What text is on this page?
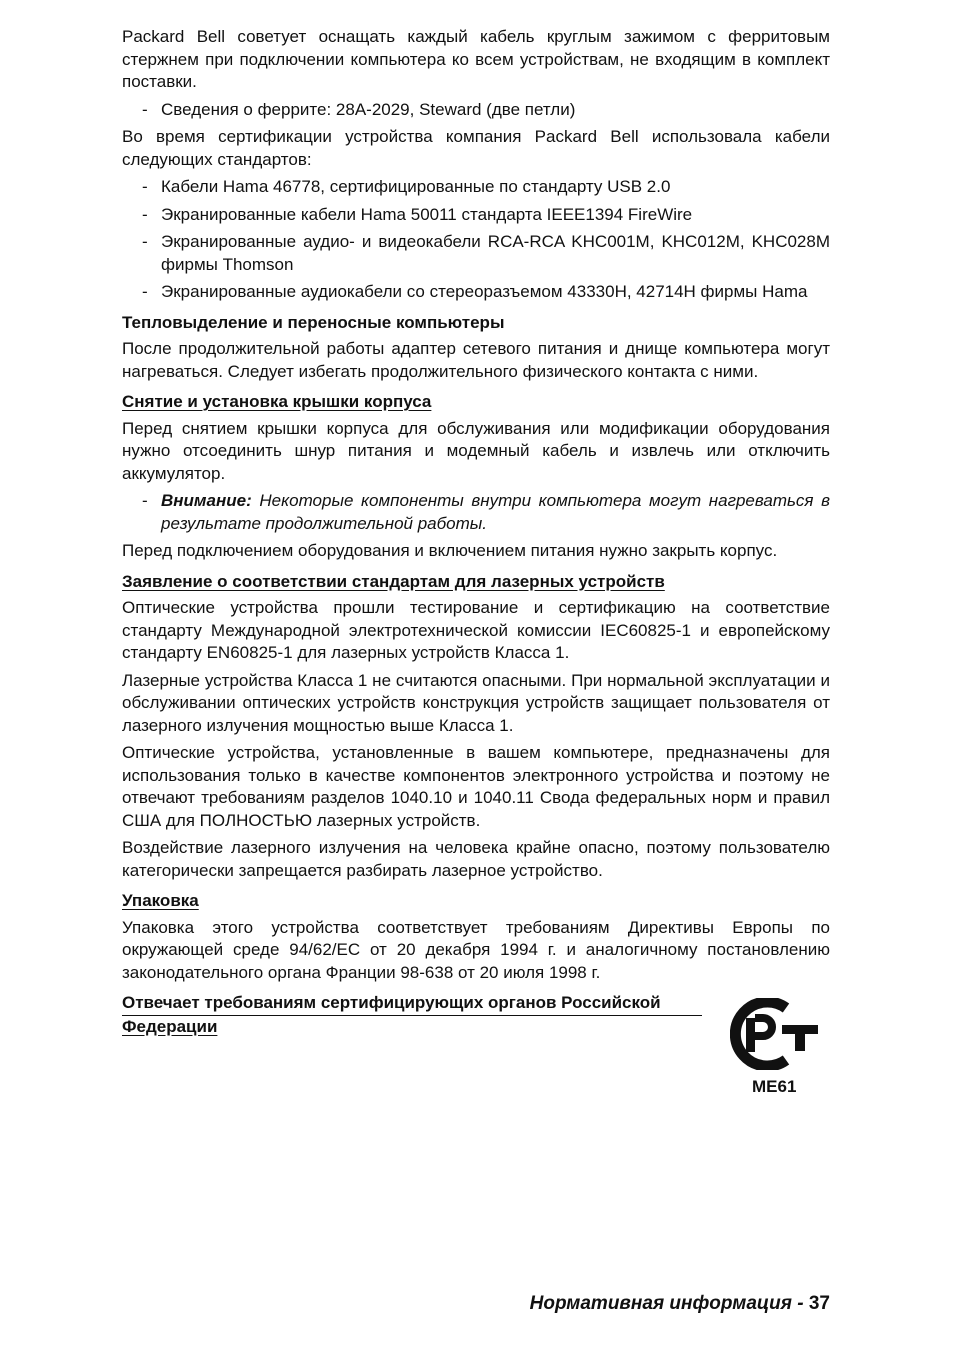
Packard Bell советует оснащать каждый кабель круглым зажимом с ферритовым стержнем при подключении компьютера ко всем устройствам, не входящим в комплект поставки.

- Сведения о феррите: 28A-2029, Steward (две петли)

Во время сертификации устройства компания Packard Bell использовала кабели следующих стандартов:

- Кабели Hama 46778, сертифицированные по стандарту USB 2.0
- Экранированные кабели Hama 50011 стандарта IEEE1394 FireWire
- Экранированные аудио- и видеокабели RCA-RCA KHC001M, KHC012M, KHC028M фирмы Thomson
- Экранированные аудиокабели со стереоразъемом 43330H, 42714H фирмы Hama
Тепловыделение и переносные компьютеры

После продолжительной работы адаптер сетевого питания и днище компьютера могут нагреваться. Следует избегать продолжительного физического контакта с ними.

Снятие и установка крышки корпуса

Перед снятием крышки корпуса для обслуживания или модификации оборудования нужно отсоединить шнур питания и модемный кабель и извлечь или отключить аккумулятор.

- Внимание: Некоторые компоненты внутри компьютера могут нагреваться в результате продолжительной работы.

Перед подключением оборудования и включением питания нужно закрыть корпус.

Заявление о соответствии стандартам для лазерных устройств

Оптические устройства прошли тестирование и сертификацию на соответствие стандарту Международной электротехнической комиссии IEC60825-1 и европейскому стандарту EN60825-1 для лазерных устройств Класса 1.

Лазерные устройства Класса 1 не считаются опасными. При нормальной эксплуатации и обслуживании оптических устройств конструкция устройств защищает пользователя от лазерного излучения мощностью выше Класса 1.

Оптические устройства, установленные в вашем компьютере, предназначены для использования только в качестве компонентов электронного устройства и поэтому не отвечают требованиям разделов 1040.10 и 1040.11 Свода федеральных норм и правил США для ПОЛНОСТЬЮ лазерных устройств.

Воздействие лазерного излучения на человека крайне опасно, поэтому пользователю категорически запрещается разбирать лазерное устройство.

Упаковка

Упаковка этого устройства соответствует требованиям Директивы Европы по окружающей среде 94/62/EC от 20 декабря 1994 г. и аналогичному постановлению законодательного органа Франции 98-638 от 20 июля 1998 г.

Отвечает требованиям сертифицирующих органов Российской
Федерации
ME61
Нормативная информация - 37
